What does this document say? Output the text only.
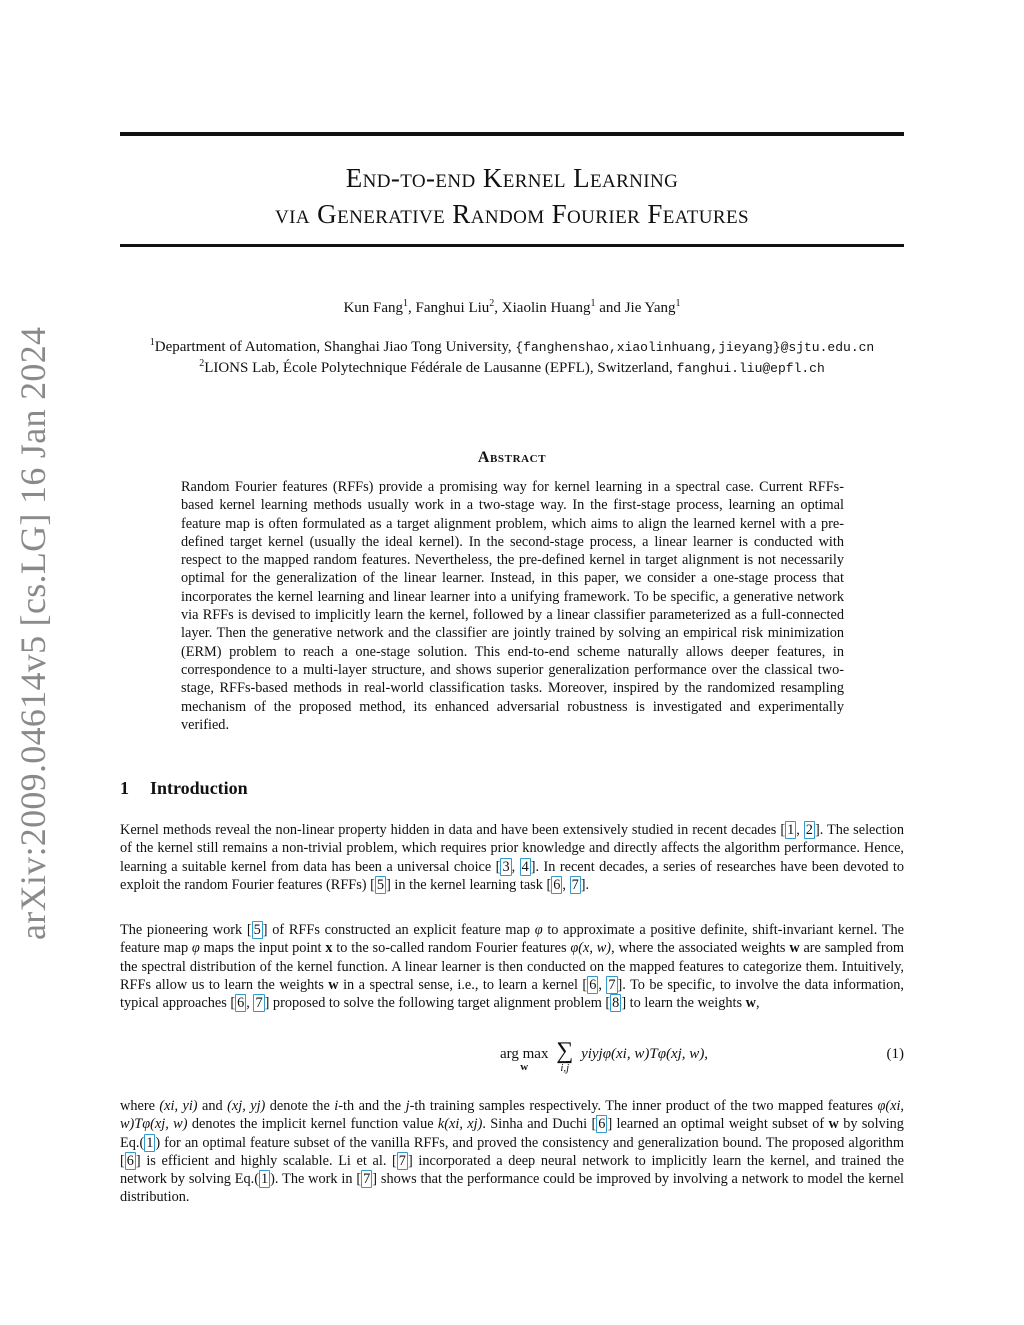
arXiv:2009.04614v5 [cs.LG] 16 Jan 2024
End-to-end Kernel Learning
via Generative Random Fourier Features
Kun Fang$^1$, Fanghui Liu$^2$, Xiaolin Huang$^1$ and Jie Yang$^1$
$^1$Department of Automation, Shanghai Jiao Tong University, {fanghenshao,xiaolinhuang,jieyang}@sjtu.edu.cn
$^2$LIONS Lab, École Polytechnique Fédérale de Lausanne (EPFL), Switzerland, fanghui.liu@epfl.ch
Abstract
Random Fourier features (RFFs) provide a promising way for kernel learning in a spectral case. Current RFFs-based kernel learning methods usually work in a two-stage way. In the first-stage process, learning an optimal feature map is often formulated as a target alignment problem, which aims to align the learned kernel with a pre-defined target kernel (usually the ideal kernel). In the second-stage process, a linear learner is conducted with respect to the mapped random features. Nevertheless, the pre-defined kernel in target alignment is not necessarily optimal for the generalization of the linear learner. Instead, in this paper, we consider a one-stage process that incorporates the kernel learning and linear learner into a unifying framework. To be specific, a generative network via RFFs is devised to implicitly learn the kernel, followed by a linear classifier parameterized as a full-connected layer. Then the generative network and the classifier are jointly trained by solving an empirical risk minimization (ERM) problem to reach a one-stage solution. This end-to-end scheme naturally allows deeper features, in correspondence to a multi-layer structure, and shows superior generalization performance over the classical two-stage, RFFs-based methods in real-world classification tasks. Moreover, inspired by the randomized resampling mechanism of the proposed method, its enhanced adversarial robustness is investigated and experimentally verified.
1 Introduction
Kernel methods reveal the non-linear property hidden in data and have been extensively studied in recent decades [ 1 , 2 ]. The selection of the kernel still remains a non-trivial problem, which requires prior knowledge and directly affects the algorithm performance. Hence, learning a suitable kernel from data has been a universal choice [ 3 , 4 ]. In recent decades, a series of researches have been devoted to exploit the random Fourier features (RFFs) [ 5 ] in the kernel learning task [ 6 , 7 ].
The pioneering work [ 5 ] of RFFs constructed an explicit feature map φ to approximate a positive definite, shift-invariant kernel. The feature map φ maps the input point x to the so-called random Fourier features φ(x, w), where the associated weights w are sampled from the spectral distribution of the kernel function. A linear learner is then conducted on the mapped features to categorize them. Intuitively, RFFs allow us to learn the weights w in a spectral sense, i.e., to learn a kernel [ 6 , 7 ]. To be specific, to involve the data information, typical approaches [ 6 , 7 ] proposed to solve the following target alignment problem [ 8 ] to learn the weights w,
arg max
w

∑
i,j
yiyjφ(xi, w)Tφ(xj, w),	(1)
where (xi, yi) and (xj, yj) denote the i-th and the j-th training samples respectively. The inner product of the two mapped features φ(xi, w)Tφ(xj, w) denotes the implicit kernel function value k(xi, xj). Sinha and Duchi [ 6 ] learned an optimal weight subset of w by solving Eq.( 1 ) for an optimal feature subset of the vanilla RFFs, and proved the consistency and generalization bound. The proposed algorithm [ 6 ] is efficient and highly scalable. Li et al. [ 7 ] incorporated a deep neural network to implicitly learn the kernel, and trained the network by solving Eq.( 1 ). The work in [ 7 ] shows that the performance could be improved by involving a network to model the kernel distribution.
